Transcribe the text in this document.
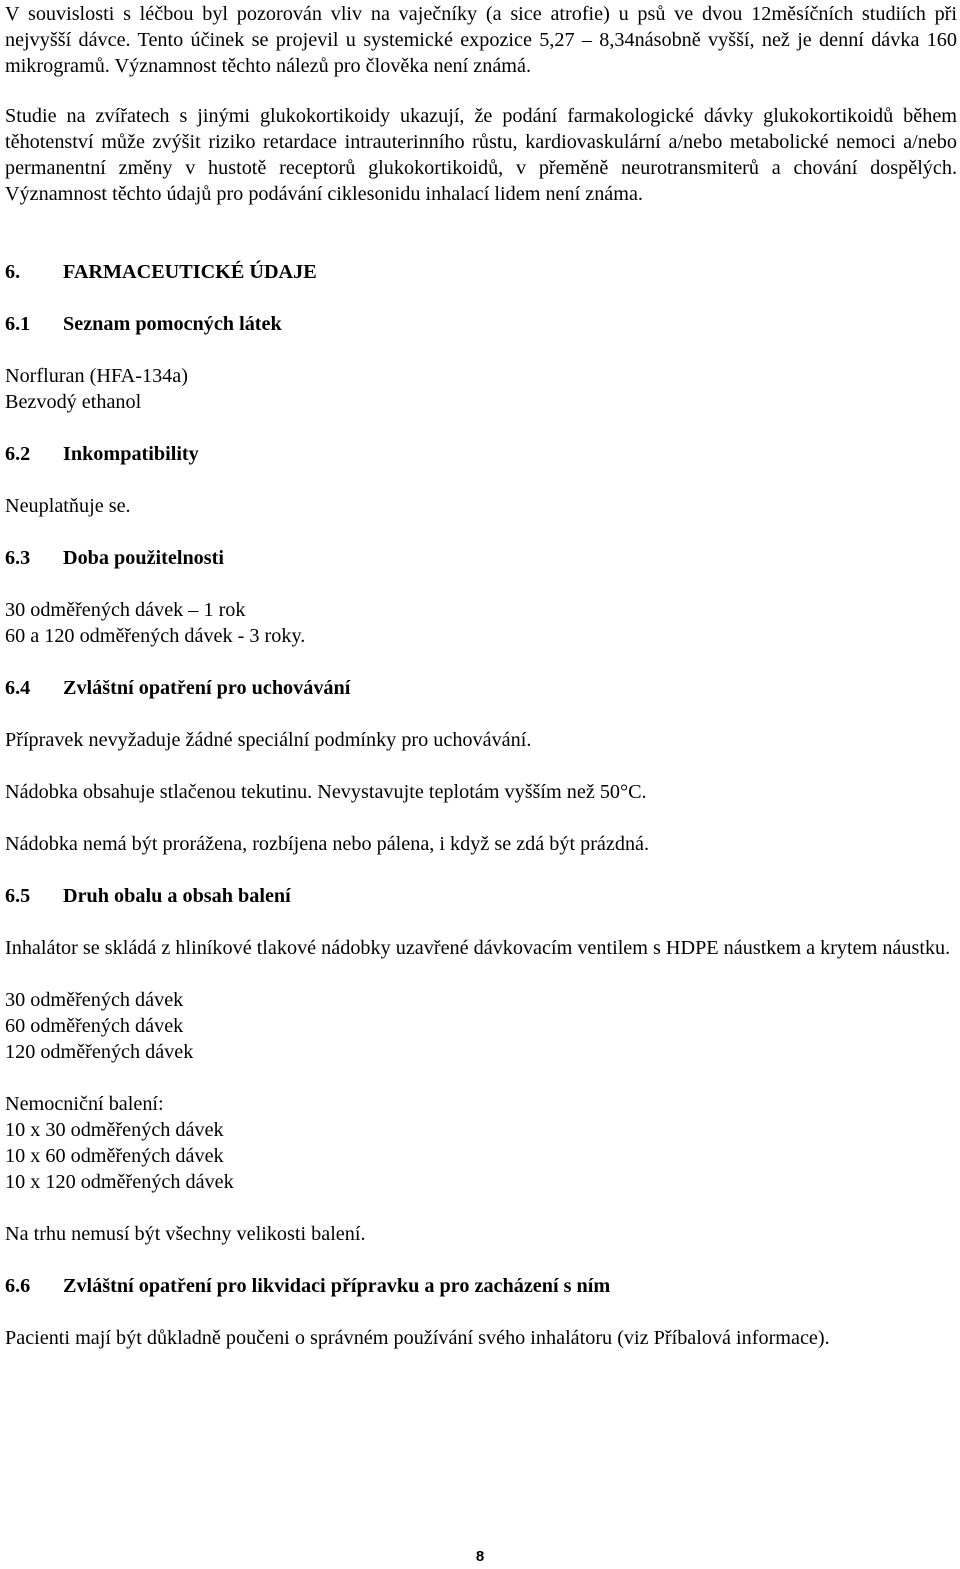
V souvislosti s léčbou byl pozorován vliv na vaječníky (a sice atrofie) u psů ve dvou 12měsíčních studiích při nejvyšší dávce. Tento účinek se projevil u systemické expozice 5,27 – 8,34násobně vyšší, než je denní dávka 160 mikrogramů. Významnost těchto nálezů pro člověka není známá.

Studie na zvířatech s jinými glukokortikoidy ukazují, že podání farmakologické dávky glukokortikoidů během těhotenství může zvýšit riziko retardace intrauterinního růstu, kardiovaskulární a/nebo metabolické nemoci a/nebo permanentní změny v hustotě receptorů glukokortikoidů, v přeměně neurotransmiterů a chování dospělých. Významnost těchto údajů pro podávání ciklesonidu inhalací lidem není známa.

6. FARMACEUTICKÉ ÚDAJE
6.1 Seznam pomocných látek

Norfluran (HFA-134a)

Bezvodý ethanol

6.2 Inkompatibility

Neuplatňuje se.

6.3 Doba použitelnosti

30 odměřených dávek – 1 rok

60 a 120 odměřených dávek - 3 roky.

6.4 Zvláštní opatření pro uchovávání

Přípravek nevyžaduje žádné speciální podmínky pro uchovávání.

Nádobka obsahuje stlačenou tekutinu. Nevystavujte teplotám vyšším než 50°C.

Nádobka nemá být prorážena, rozbíjena nebo pálena, i když se zdá být prázdná.

6.5 Druh obalu a obsah balení

Inhalátor se skládá z hliníkové tlakové nádobky uzavřené dávkovacím ventilem s HDPE náustkem a krytem náustku.

30 odměřených dávek

60 odměřených dávek

120 odměřených dávek

Nemocniční balení:

10 x 30 odměřených dávek

10 x 60 odměřených dávek

10 x 120 odměřených dávek

Na trhu nemusí být všechny velikosti balení.

6.6 Zvláštní opatření pro likvidaci přípravku a pro zacházení s ním

Pacienti mají být důkladně poučeni o správném používání svého inhalátoru (viz Příbalová informace).

8
